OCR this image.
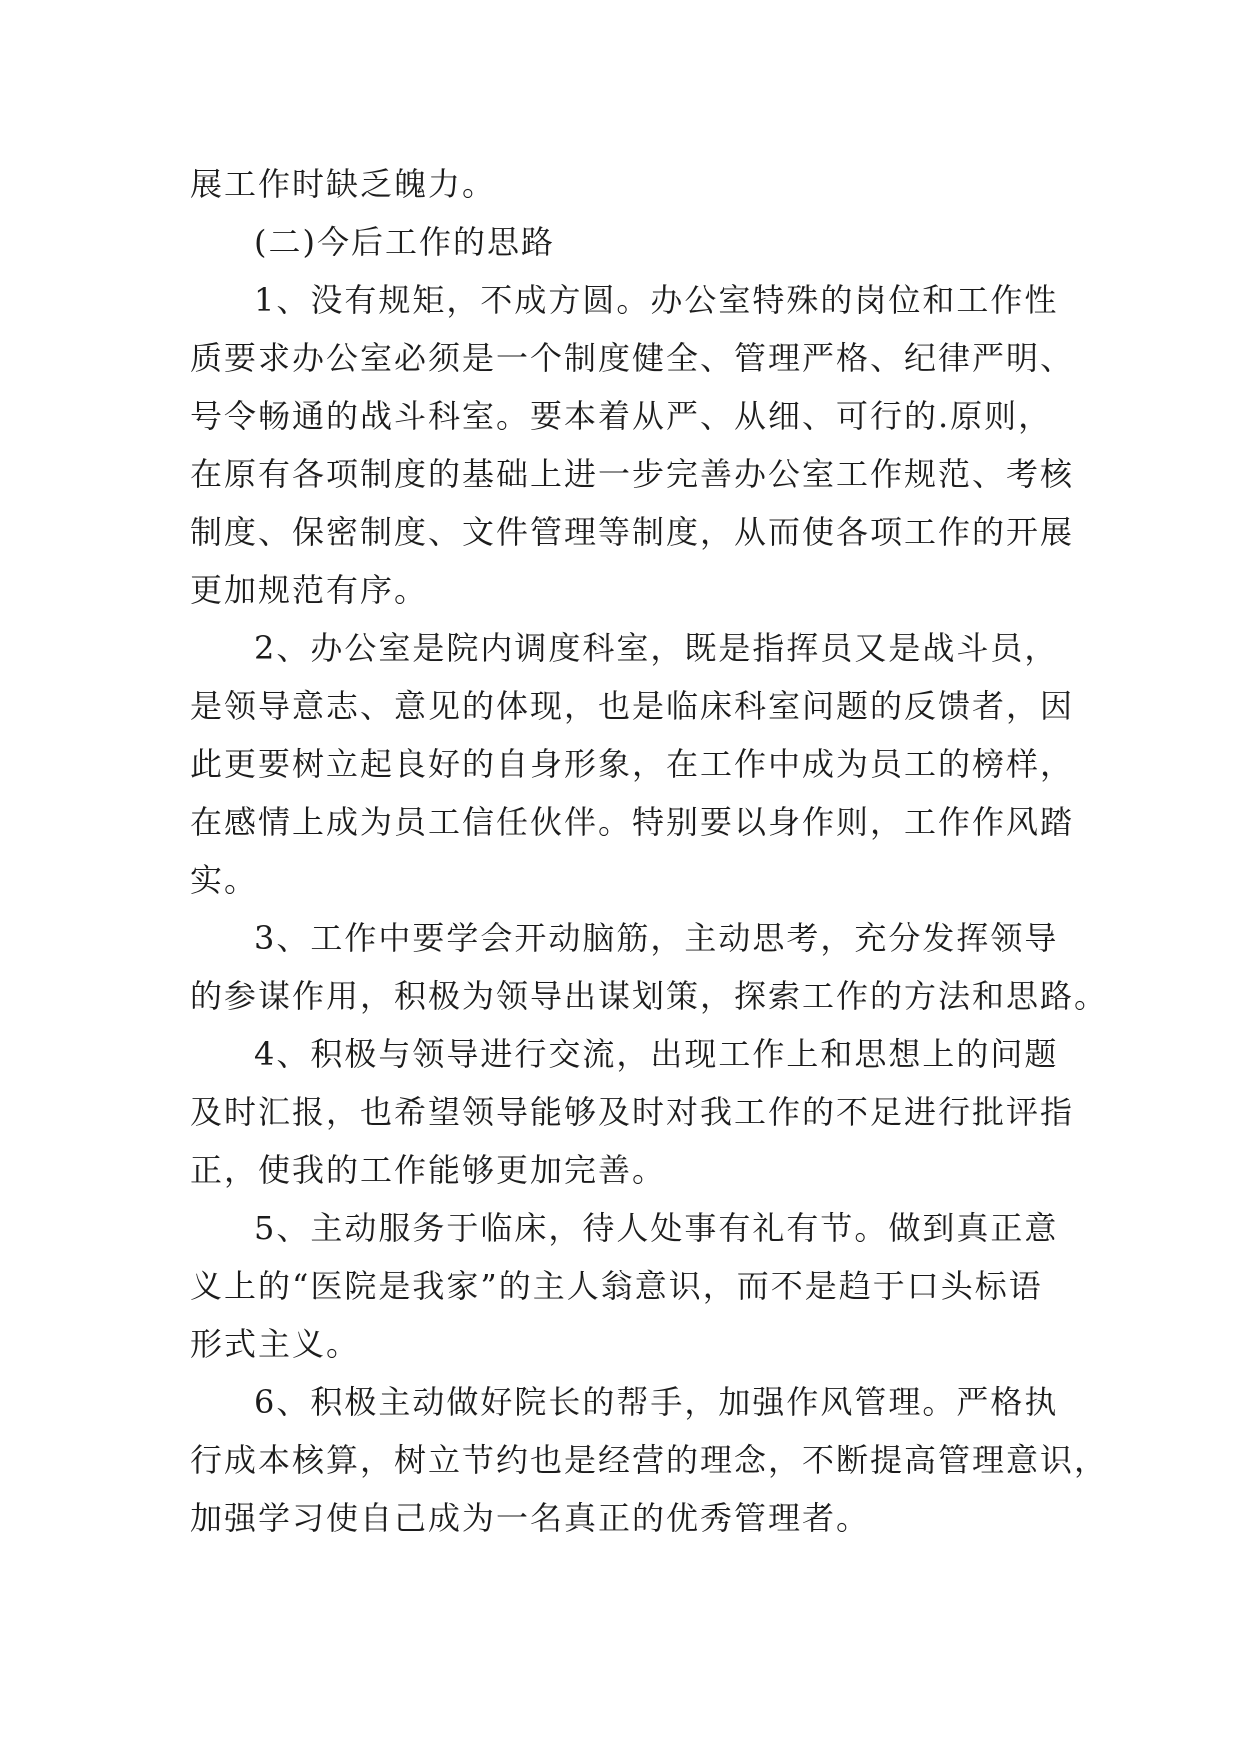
展工作时缺乏魄力。
(二)今后工作的思路
1、没有规矩，不成方圆。办公室特殊的岗位和工作性
质要求办公室必须是一个制度健全、管理严格、纪律严明、
号令畅通的战斗科室。要本着从严、从细、可行的.原则，
在原有各项制度的基础上进一步完善办公室工作规范、考核
制度、保密制度、文件管理等制度，从而使各项工作的开展
更加规范有序。
2、办公室是院内调度科室，既是指挥员又是战斗员，
是领导意志、意见的体现，也是临床科室问题的反馈者，因
此更要树立起良好的自身形象，在工作中成为员工的榜样，
在感情上成为员工信任伙伴。特别要以身作则，工作作风踏
实。
3、工作中要学会开动脑筋，主动思考，充分发挥领导
的参谋作用，积极为领导出谋划策，探索工作的方法和思路。
4、积极与领导进行交流，出现工作上和思想上的问题
及时汇报，也希望领导能够及时对我工作的不足进行批评指
正，使我的工作能够更加完善。
5、主动服务于临床，待人处事有礼有节。做到真正意
义上的“医院是我家”的主人翁意识，而不是趋于口头标语
形式主义。
6、积极主动做好院长的帮手，加强作风管理。严格执
行成本核算，树立节约也是经营的理念，不断提高管理意识，
加强学习使自己成为一名真正的优秀管理者。
